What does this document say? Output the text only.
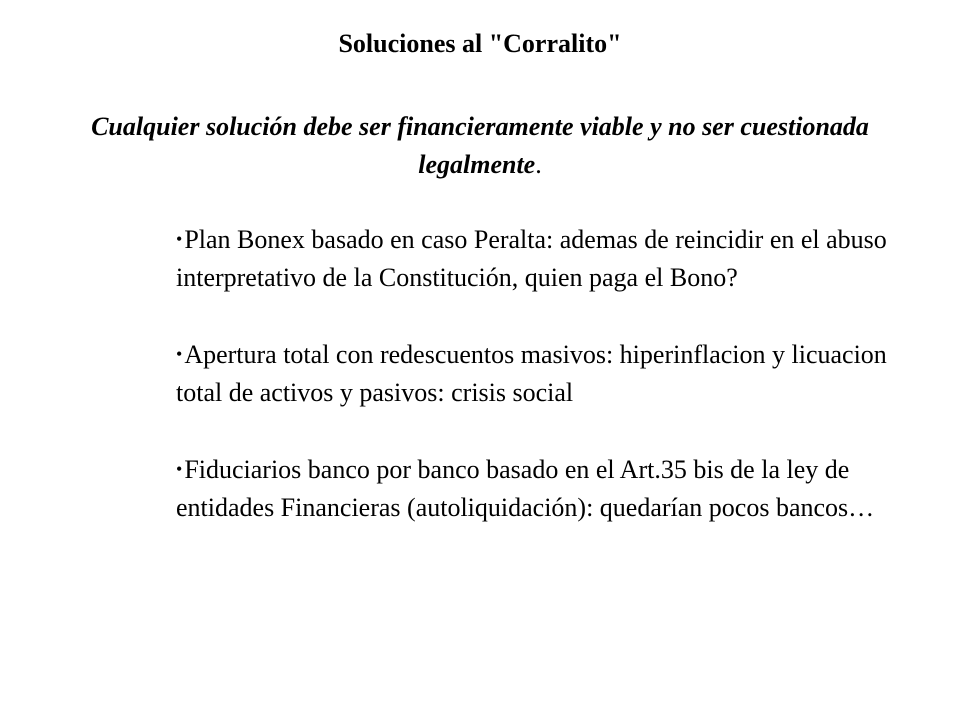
Soluciones al "Corralito"
Cualquier solución debe ser financieramente viable y no ser cuestionada legalmente.
•Plan Bonex basado en caso Peralta: ademas de reincidir en el abuso interpretativo de la Constitución, quien paga el Bono?
•Apertura total con redescuentos masivos: hiperinflacion y licuacion total de activos y pasivos: crisis social
•Fiduciarios banco por banco basado en el Art.35 bis de la ley de entidades Financieras (autoliquidación): quedarían pocos bancos…
